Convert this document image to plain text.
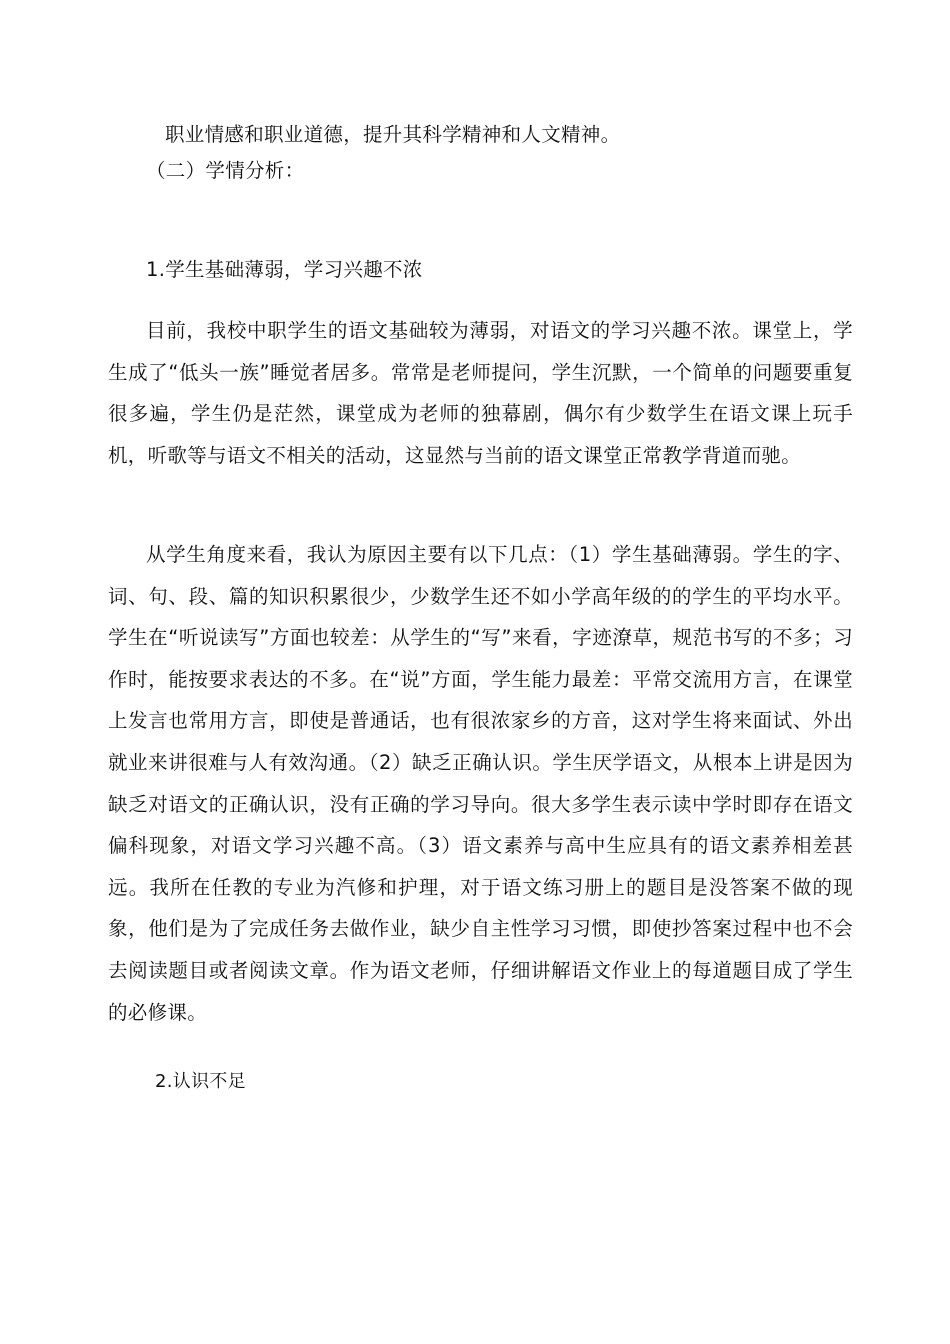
职业情感和职业道德，提升其科学精神和人文精神。
（二）学情分析：
1.学生基础薄弱，学习兴趣不浓

目前，我校中职学生的语文基础较为薄弱，对语文的学习兴趣不浓。课堂上，学生成了“低头一族”睡觉者居多。常常是老师提问，学生沉默，一个简单的问题要重复很多遍，学生仍是茫然，课堂成为老师的独幕剧，偶尔有少数学生在语文课上玩手机，听歌等与语文不相关的活动，这显然与当前的语文课堂正常教学背道而驰。

从学生角度来看，我认为原因主要有以下几点：（1）学生基础薄弱。学生的字、词、句、段、篇的知识积累很少，少数学生还不如小学高年级的的学生的平均水平。学生在“听说读写”方面也较差：从学生的“写”来看，字迹潦草，规范书写的不多；习作时，能按要求表达的不多。在“说”方面，学生能力最差：平常交流用方言，在课堂上发言也常用方言，即使是普通话，也有很浓家乡的方音，这对学生将来面试、外出就业来讲很难与人有效沟通。（2）缺乏正确认识。学生厌学语文，从根本上讲是因为缺乏对语文的正确认识，没有正确的学习导向。很大多学生表示读中学时即存在语文偏科现象，对语文学习兴趣不高。（3）语文素养与高中生应具有的语文素养相差甚远。我所在任教的专业为汽修和护理，对于语文练习册上的题目是没答案不做的现象，他们是为了完成任务去做作业，缺少自主性学习习惯，即使抄答案过程中也不会去阅读题目或者阅读文章。作为语文老师，仔细讲解语文作业上的每道题目成了学生的必修课。

2.认识不足
